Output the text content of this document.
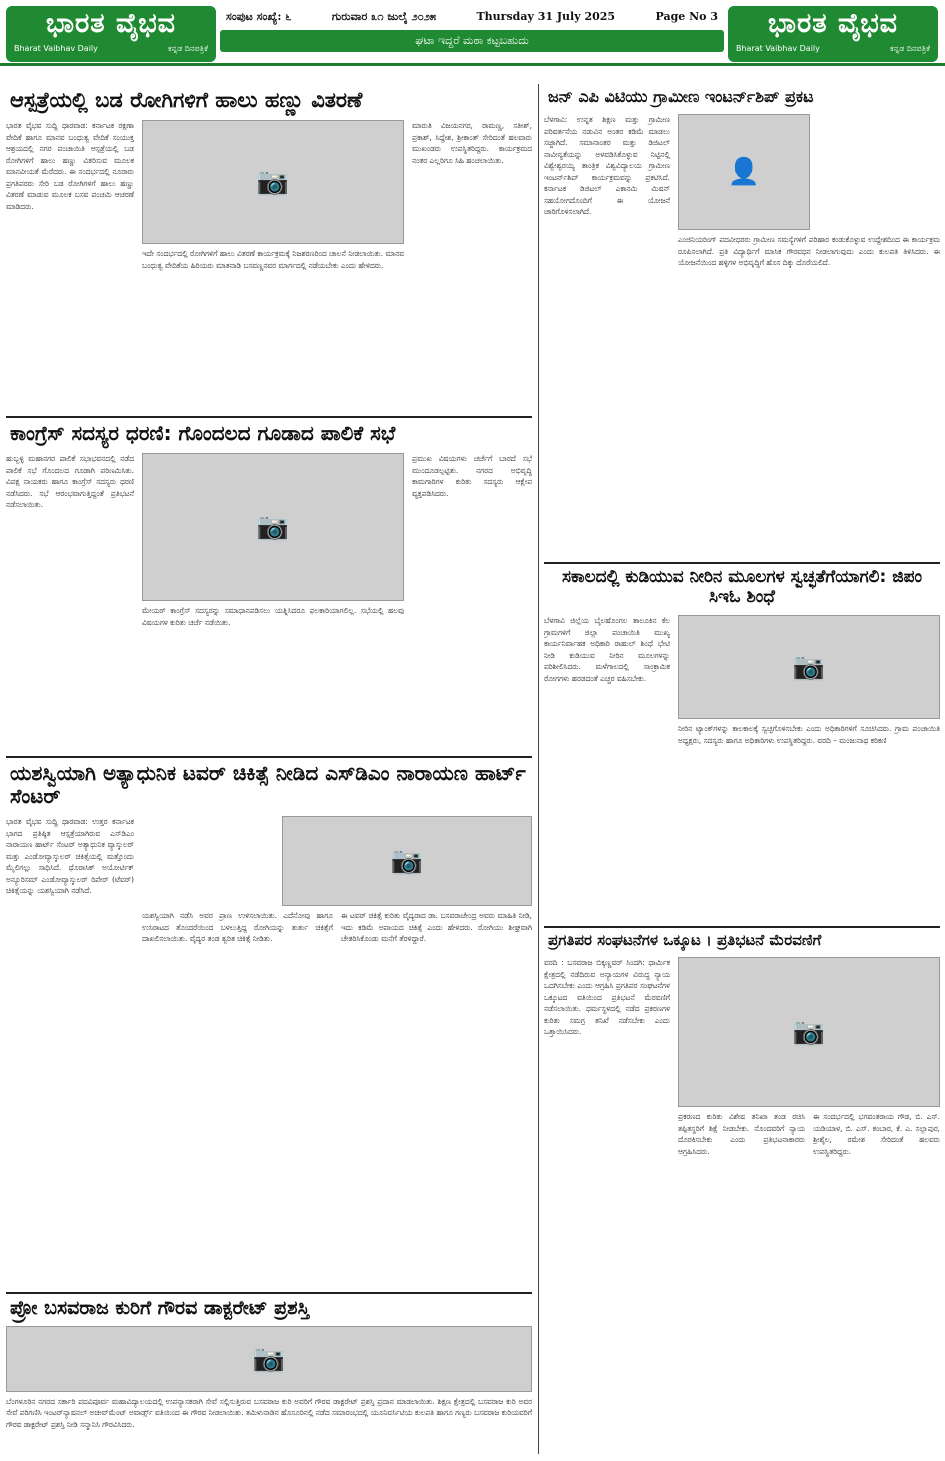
ಭಾರತ ವೈಭವ
Bharat Vaibhav Daily	ಕನ್ನಡ ದಿನಪತ್ರಿಕೆ
ಸಂಪುಟ ಸಂಖ್ಯೆ: ೬	ಗುರುವಾರ ೩೧ ಜುಲೈ ೨೦೨೫	Thursday 31 July 2025	Page No 3
ಘಟಾ ಇದ್ದರೆ ಮಠಾ ಕಟ್ಟಬಹುದು
ಭಾರತ ವೈಭವ
Bharat Vaibhav Daily	ಕನ್ನಡ ದಿನಪತ್ರಿಕೆ
ಆಸ್ಪತ್ರೆಯಲ್ಲಿ ಬಡ ರೋಗಿಗಳಿಗೆ ಹಾಲು ಹಣ್ಣು ವಿತರಣೆ
ಭಾರತ ವೈಭವ ಸುದ್ದಿ ಧಾರವಾಡ: ಕರ್ನಾಟಕ ರಕ್ಷಣಾ ವೇದಿಕೆ ಹಾಗೂ ಮಾನವ ಬಂಧುತ್ವ ವೇದಿಕೆ ಸಂಯುಕ್ತ ಆಶ್ರಯದಲ್ಲಿ ನಗರ ಪಂಚಾಯಿತಿ ಆಸ್ಪತ್ರೆಯಲ್ಲಿ ಬಡ ರೋಗಿಗಳಿಗೆ ಹಾಲು ಹಣ್ಣು ವಿತರಿಸುವ ಮೂಲಕ ಮಾನವೀಯತೆ ಮೆರೆದರು. ಈ ಸಂದರ್ಭದಲ್ಲಿ ನೂರಾರು ಪ್ರಗತಿಪರರು ಸೇರಿ ಬಡ ರೋಗಿಗಳಿಗೆ ಹಾಲು ಹಣ್ಣು ವಿತರಣೆ ಮಾಡುವ ಮೂಲಕ ಬಸವ ಪಂಚಮಿ ಆಚರಣೆ ಮಾಡಿದರು.
📷
ಇದೇ ಸಂದರ್ಭದಲ್ಲಿ ರೋಗಿಗಳಿಗೆ ಹಾಲು ವಿತರಣೆ ಕಾರ್ಯಕ್ರಮಕ್ಕೆ ನಿಜಶರಣರಿಂದ ಚಾಲನೆ ನೀಡಲಾಯಿತು. ಮಾನವ ಬಂಧುತ್ವ ವೇದಿಕೆಯ ಹಿರಿಯರು ಮಾತನಾಡಿ ಬಸವಣ್ಣನವರ ಮಾರ್ಗದಲ್ಲಿ ನಡೆಯಬೇಕು ಎಂದು ಹೇಳಿದರು.
ಮಾರುತಿ ವಿಜಯನಗರ, ರಾಮಣ್ಣ, ಸತೀಶ್, ಪ್ರಕಾಶ್, ಸಿದ್ದೇಶ, ಶ್ರೀಕಾಂತ್ ಸೇರಿದಂತೆ ಹಲವಾರು ಮುಖಂಡರು ಉಪಸ್ಥಿತರಿದ್ದರು. ಕಾರ್ಯಕ್ರಮದ ನಂತರ ಎಲ್ಲರಿಗೂ ಸಿಹಿ ಹಂಚಲಾಯಿತು.
ಕಾಂಗ್ರೆಸ್ ಸದಸ್ಯರ ಧರಣಿ: ಗೊಂದಲದ ಗೂಡಾದ ಪಾಲಿಕೆ ಸಭೆ
ಹುಬ್ಬಳ್ಳಿ ಮಹಾನಗರ ಪಾಲಿಕೆ ಸಭಾಭವನದಲ್ಲಿ ನಡೆದ ಪಾಲಿಕೆ ಸಭೆ ಗೊಂದಲದ ಗೂಡಾಗಿ ಪರಿಣಮಿಸಿತು. ವಿಪಕ್ಷ ನಾಯಕರು ಹಾಗೂ ಕಾಂಗ್ರೆಸ್ ಸದಸ್ಯರು ಧರಣಿ ನಡೆಸಿದರು. ಸಭೆ ಆರಂಭವಾಗುತ್ತಿದ್ದಂತೆ ಪ್ರತಿಭಟನೆ ನಡೆಸಲಾಯಿತು.
📷
ಮೇಯರ್ ಕಾಂಗ್ರೆಸ್ ಸದಸ್ಯರನ್ನು ಸಮಾಧಾನಪಡಿಸಲು ಯತ್ನಿಸಿದರೂ ಫಲಕಾರಿಯಾಗಲಿಲ್ಲ. ಸಭೆಯಲ್ಲಿ ಹಲವು ವಿಷಯಗಳ ಕುರಿತು ಚರ್ಚೆ ನಡೆಯಿತು.
ಪ್ರಮುಖ ವಿಷಯಗಳು ಚರ್ಚೆಗೆ ಬಾರದೆ ಸಭೆ ಮುಂದೂಡಲ್ಪಟ್ಟಿತು. ನಗರದ ಅಭಿವೃದ್ಧಿ ಕಾಮಗಾರಿಗಳ ಕುರಿತು ಸದಸ್ಯರು ಆಕ್ಷೇಪ ವ್ಯಕ್ತಪಡಿಸಿದರು.
ಯಶಸ್ವಿಯಾಗಿ ಅತ್ಯಾಧುನಿಕ ಟವರ್ ಚಿಕಿತ್ಸೆ ನೀಡಿದ ಎಸ್‌ಡಿಎಂ ನಾರಾಯಣ ಹಾರ್ಟ್ ಸೆಂಟರ್
ಭಾರತ ವೈಭವ ಸುದ್ದಿ ಧಾರವಾಡ: ಉತ್ತರ ಕರ್ನಾಟಕ ಭಾಗದ ಪ್ರತಿಷ್ಠಿತ ಆಸ್ಪತ್ರೆಯಾಗಿರುವ ಎಸ್‌ಡಿಎಂ ನಾರಾಯಣ ಹಾರ್ಟ್ ಸೆಂಟರ್ ಅತ್ಯಾಧುನಿಕ ವ್ಯಾಸ್ಕುಲರ್ ಮತ್ತು ಎಂಡೋವ್ಯಾಸ್ಕುಲರ್ ಚಿಕಿತ್ಸೆಯಲ್ಲಿ ಮತ್ತೊಂದು ಮೈಲಿಗಲ್ಲು ಸಾಧಿಸಿದೆ. ಥೊರಾಸಿಕ್ ಅಯೋರ್ಟಿಕ್ ಅನ್ಯೂರಿಸಮ್ ಎಂಡೋವ್ಯಾಸ್ಕುಲರ್ ರಿಪೇರ್ (ಟೆವರ್) ಚಿಕಿತ್ಸೆಯನ್ನು ಯಶಸ್ವಿಯಾಗಿ ನಡೆಸಿದೆ.
📷
ಯಶಸ್ವಿಯಾಗಿ ನಡೆಸಿ ಅವರ ಪ್ರಾಣ ಉಳಿಸಲಾಯಿತು. ಎದೆನೋವು ಹಾಗೂ ಉಸಿರಾಟದ ತೊಂದರೆಯಿಂದ ಬಳಲುತ್ತಿದ್ದ ರೋಗಿಯನ್ನು ತುರ್ತು ಚಿಕಿತ್ಸೆಗೆ ದಾಖಲಿಸಲಾಯಿತು. ವೈದ್ಯರ ತಂಡ ತ್ವರಿತ ಚಿಕಿತ್ಸೆ ನೀಡಿತು.
ಈ ಟವರ್ ಚಿಕಿತ್ಸೆ ಕುರಿತು ವೈದ್ಯರಾದ ಡಾ. ಬಸವರಾಜೇಂದ್ರ ಅವರು ಮಾಹಿತಿ ನೀಡಿ, ಇದು ಕಡಿಮೆ ಅಪಾಯದ ಚಿಕಿತ್ಸೆ ಎಂದು ಹೇಳಿದರು. ರೋಗಿಯು ಶೀಘ್ರವಾಗಿ ಚೇತರಿಸಿಕೊಂಡು ಮನೆಗೆ ತೆರಳಿದ್ದಾರೆ.
ಪ್ರೋ ಬಸವರಾಜ ಕುರಿಗೆ ಗೌರವ ಡಾಕ್ಟರೇಟ್ ಪ್ರಶಸ್ತಿ
📷
ಬೆಂಗಳೂರಿನ ನಗರದ ಸರ್ಕಾರಿ ಪದವಿಪೂರ್ವ ಮಹಾವಿದ್ಯಾಲಯದಲ್ಲಿ ಉಪನ್ಯಾಸಕರಾಗಿ ಸೇವೆ ಸಲ್ಲಿಸುತ್ತಿರುವ ಬಸವರಾಜ ಕುರಿ ಅವರಿಗೆ ಗೌರವ ಡಾಕ್ಟರೇಟ್ ಪ್ರಶಸ್ತಿ ಪ್ರದಾನ ಮಾಡಲಾಯಿತು. ಶಿಕ್ಷಣ ಕ್ಷೇತ್ರದಲ್ಲಿ ಬಸವರಾಜ ಕುರಿ ಅವರ ಸೇವೆ ಪರಿಗಣಿಸಿ ಇಂಟರ್‌ನ್ಯಾಷನಲ್ ಅಚೀವ್‌ಮೆಂಟ್ ಅವಾರ್ಡ್ಸ್ ವತಿಯಿಂದ ಈ ಗೌರವ ನೀಡಲಾಯಿತು. ತಮಿಳುನಾಡಿನ ಹೊಸೂರಿನಲ್ಲಿ ನಡೆದ ಸಮಾರಂಭದಲ್ಲಿ ಯೂನಿವರ್ಸಿಟಿಯ ಕುಲಪತಿ ಹಾಗೂ ಗಣ್ಯರು ಬಸವರಾಜ ಕುರಿಯವರಿಗೆ ಗೌರವ ಡಾಕ್ಟರೇಟ್ ಪ್ರಶಸ್ತಿ ನೀಡಿ ಸನ್ಮಾನಿಸಿ ಗೌರವಿಸಿದರು.
ಜನ್ ಎಪಿ ವಿಟಿಯು ಗ್ರಾಮೀಣ ಇಂಟರ್ನ್‌ಶಿಪ್ ಪ್ರಕಟ
ಬೆಳಗಾವಿ: ಉನ್ನತ ಶಿಕ್ಷಣ ಮತ್ತು ಗ್ರಾಮೀಣ ಪರಿವರ್ತನೆಯ ನಡುವಿನ ಅಂತರ ಕಡಿಮೆ ಮಾಡಲು ಸಜ್ಜಾಗಿದೆ. ಸಮಾನಾಂತರ ಮತ್ತು ಡಿಜಿಟಲ್ ನಾವೀನ್ಯತೆಯನ್ನು ಅಳವಡಿಸಿಕೊಳ್ಳುವ ನಿಟ್ಟಿನಲ್ಲಿ ವಿಶ್ವೇಶ್ವರಯ್ಯ ತಾಂತ್ರಿಕ ವಿಶ್ವವಿದ್ಯಾಲಯ ಗ್ರಾಮೀಣ ಇಂಟರ್ನ್‌ಶಿಪ್ ಕಾರ್ಯಕ್ರಮವನ್ನು ಪ್ರಕಟಿಸಿದೆ. ಕರ್ನಾಟಕ ಡಿಜಿಟಲ್ ಎಕಾನಮಿ ಮಿಷನ್ ಸಹಯೋಗದೊಂದಿಗೆ ಈ ಯೋಜನೆ ಜಾರಿಗೊಳಿಸಲಾಗಿದೆ.
👤
ಎಂಜಿನಿಯರಿಂಗ್ ಪದವೀಧರರು ಗ್ರಾಮೀಣ ಸಮಸ್ಯೆಗಳಿಗೆ ಪರಿಹಾರ ಕಂಡುಕೊಳ್ಳುವ ಉದ್ದೇಶದಿಂದ ಈ ಕಾರ್ಯಕ್ರಮ ರೂಪಿಸಲಾಗಿದೆ. ಪ್ರತಿ ವಿದ್ಯಾರ್ಥಿಗೆ ಮಾಸಿಕ ಗೌರವಧನ ನೀಡಲಾಗುವುದು ಎಂದು ಕುಲಪತಿ ತಿಳಿಸಿದರು. ಈ ಯೋಜನೆಯಿಂದ ಹಳ್ಳಿಗಳ ಅಭಿವೃದ್ಧಿಗೆ ಹೊಸ ದಿಕ್ಕು ದೊರೆಯಲಿದೆ.
ಸಕಾಲದಲ್ಲಿ ಕುಡಿಯುವ ನೀರಿನ ಮೂಲಗಳ ಸ್ವಚ್ಛತೆಗೆಯಾಗಲಿ: ಜಿಪಂ ಸಿಇಓ ಶಿಂಧೆ
ಬೆಳಗಾವಿ ಜಿಲ್ಲೆಯ ಬೈಲಹೊಂಗಲ ತಾಲೂಕಿನ ಕೆಲ ಗ್ರಾಮಗಳಿಗೆ ಜಿಲ್ಲಾ ಪಂಚಾಯಿತಿ ಮುಖ್ಯ ಕಾರ್ಯನಿರ್ವಾಹಕ ಅಧಿಕಾರಿ ರಾಹುಲ್ ಶಿಂಧೆ ಭೇಟಿ ನೀಡಿ ಕುಡಿಯುವ ನೀರಿನ ಮೂಲಗಳನ್ನು ಪರಿಶೀಲಿಸಿದರು. ಮಳೆಗಾಲದಲ್ಲಿ ಸಾಂಕ್ರಾಮಿಕ ರೋಗಗಳು ಹರಡದಂತೆ ಎಚ್ಚರ ವಹಿಸಬೇಕು.	📷
ನೀರಿನ ಟ್ಯಾಂಕ್‌ಗಳನ್ನು ಕಾಲಕಾಲಕ್ಕೆ ಸ್ವಚ್ಛಗೊಳಿಸಬೇಕು ಎಂದು ಅಧಿಕಾರಿಗಳಿಗೆ ಸೂಚಿಸಿದರು. ಗ್ರಾಮ ಪಂಚಾಯಿತಿ ಅಧ್ಯಕ್ಷರು, ಸದಸ್ಯರು ಹಾಗೂ ಅಧಿಕಾರಿಗಳು ಉಪಸ್ಥಿತರಿದ್ದರು. ವರದಿ – ಮಂಜುನಾಥ ಕರಿಕಣಿ
ಪ್ರಗತಿಪರ ಸಂಘಟನೆಗಳ ಒಕ್ಕೂಟ । ಪ್ರತಿಭಟನೆ ಮೆರವಣಿಗೆ
ವರದಿ : ಬಸವರಾಜ ಬಿಕ್ಕಣ್ಣವರ್ ಸಿಂದಗಿ: ಧಾರ್ಮಿಕ ಕ್ಷೇತ್ರದಲ್ಲಿ ನಡೆದಿರುವ ಅನ್ಯಾಯಗಳ ವಿರುದ್ಧ ನ್ಯಾಯ ಒದಗಿಸಬೇಕು ಎಂದು ಆಗ್ರಹಿಸಿ ಪ್ರಗತಿಪರ ಸಂಘಟನೆಗಳ ಒಕ್ಕೂಟದ ವತಿಯಿಂದ ಪ್ರತಿಭಟನೆ ಮೆರವಣಿಗೆ ನಡೆಸಲಾಯಿತು. ಧರ್ಮಸ್ಥಳದಲ್ಲಿ ನಡೆದ ಪ್ರಕರಣಗಳ ಕುರಿತು ಸಮಗ್ರ ತನಿಖೆ ನಡೆಸಬೇಕು ಎಂದು ಒತ್ತಾಯಿಸಿದರು.	📷
ಪ್ರಕರಣದ ಕುರಿತು ವಿಶೇಷ ತನಿಖಾ ತಂಡ ರಚಿಸಿ ತಪ್ಪಿತಸ್ಥರಿಗೆ ಶಿಕ್ಷೆ ನೀಡಬೇಕು. ನೊಂದವರಿಗೆ ನ್ಯಾಯ ದೊರಕಿಸಬೇಕು ಎಂದು ಪ್ರತಿಭಟನಾಕಾರರು ಆಗ್ರಹಿಸಿದರು.
ಈ ಸಂದರ್ಭದಲ್ಲಿ ಭಗವಂತರಾಯ ಗೌಡ, ಬಿ. ಎಸ್. ಯಡಿಯಾಳ, ಬಿ. ಎಸ್. ಕಂಬಾರ, ಕೆ. ಎ. ಸಲ್ಲಾಪುರ, ಶ್ರೀಶೈಲ, ರಮೇಶ ಸೇರಿದಂತೆ ಹಲವರು ಉಪಸ್ಥಿತರಿದ್ದರು.
